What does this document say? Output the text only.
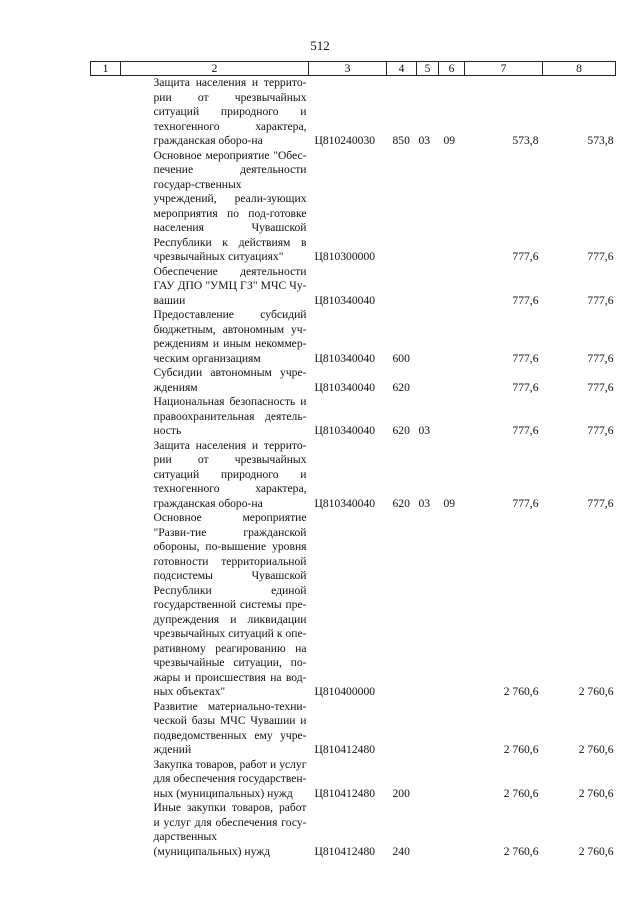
512
1	2	3	4	5	6	7	8
	Защита населения и террито-рии от чрезвычайных ситуаций природного и техногенного характера, гражданская оборо-на	Ц810240030	850	03	09	573,8	573,8
	Основное мероприятие "Обес-печение деятельности государ-ственных учреждений, реали-зующих мероприятия по под-готовке населения Чувашской Республики к действиям в чрезвычайных ситуациях"	Ц810300000				777,6	777,6
	Обеспечение деятельности ГАУ ДПО "УМЦ ГЗ" МЧС Чу-вашии	Ц810340040				777,6	777,6
	Предоставление субсидий бюджетным, автономным уч-реждениям и иным некоммер-ческим организациям	Ц810340040	600			777,6	777,6
	Субсидии автономным учре-ждениям	Ц810340040	620			777,6	777,6
	Национальная безопасность и правоохранительная деятель-ность	Ц810340040	620	03		777,6	777,6
	Защита населения и террито-рии от чрезвычайных ситуаций природного и техногенного характера, гражданская оборо-на	Ц810340040	620	03	09	777,6	777,6
	Основное мероприятие "Разви-тие гражданской обороны, по-вышение уровня готовности территориальной подсистемы Чувашской Республики единой государственной системы пре-дупреждения и ликвидации чрезвычайных ситуаций к опе-ративному реагированию на чрезвычайные ситуации, по-жары и происшествия на вод-ных объектах"	Ц810400000				2 760,6	2 760,6
	Развитие материально-техни-ческой базы МЧС Чувашии и подведомственных ему учре-ждений	Ц810412480				2 760,6	2 760,6
	Закупка товаров, работ и услуг для обеспечения государствен-ных (муниципальных) нужд	Ц810412480	200			2 760,6	2 760,6
	Иные закупки товаров, работ и услуг для обеспечения госу-дарственных (муниципальных) нужд	Ц810412480	240			2 760,6	2 760,6
